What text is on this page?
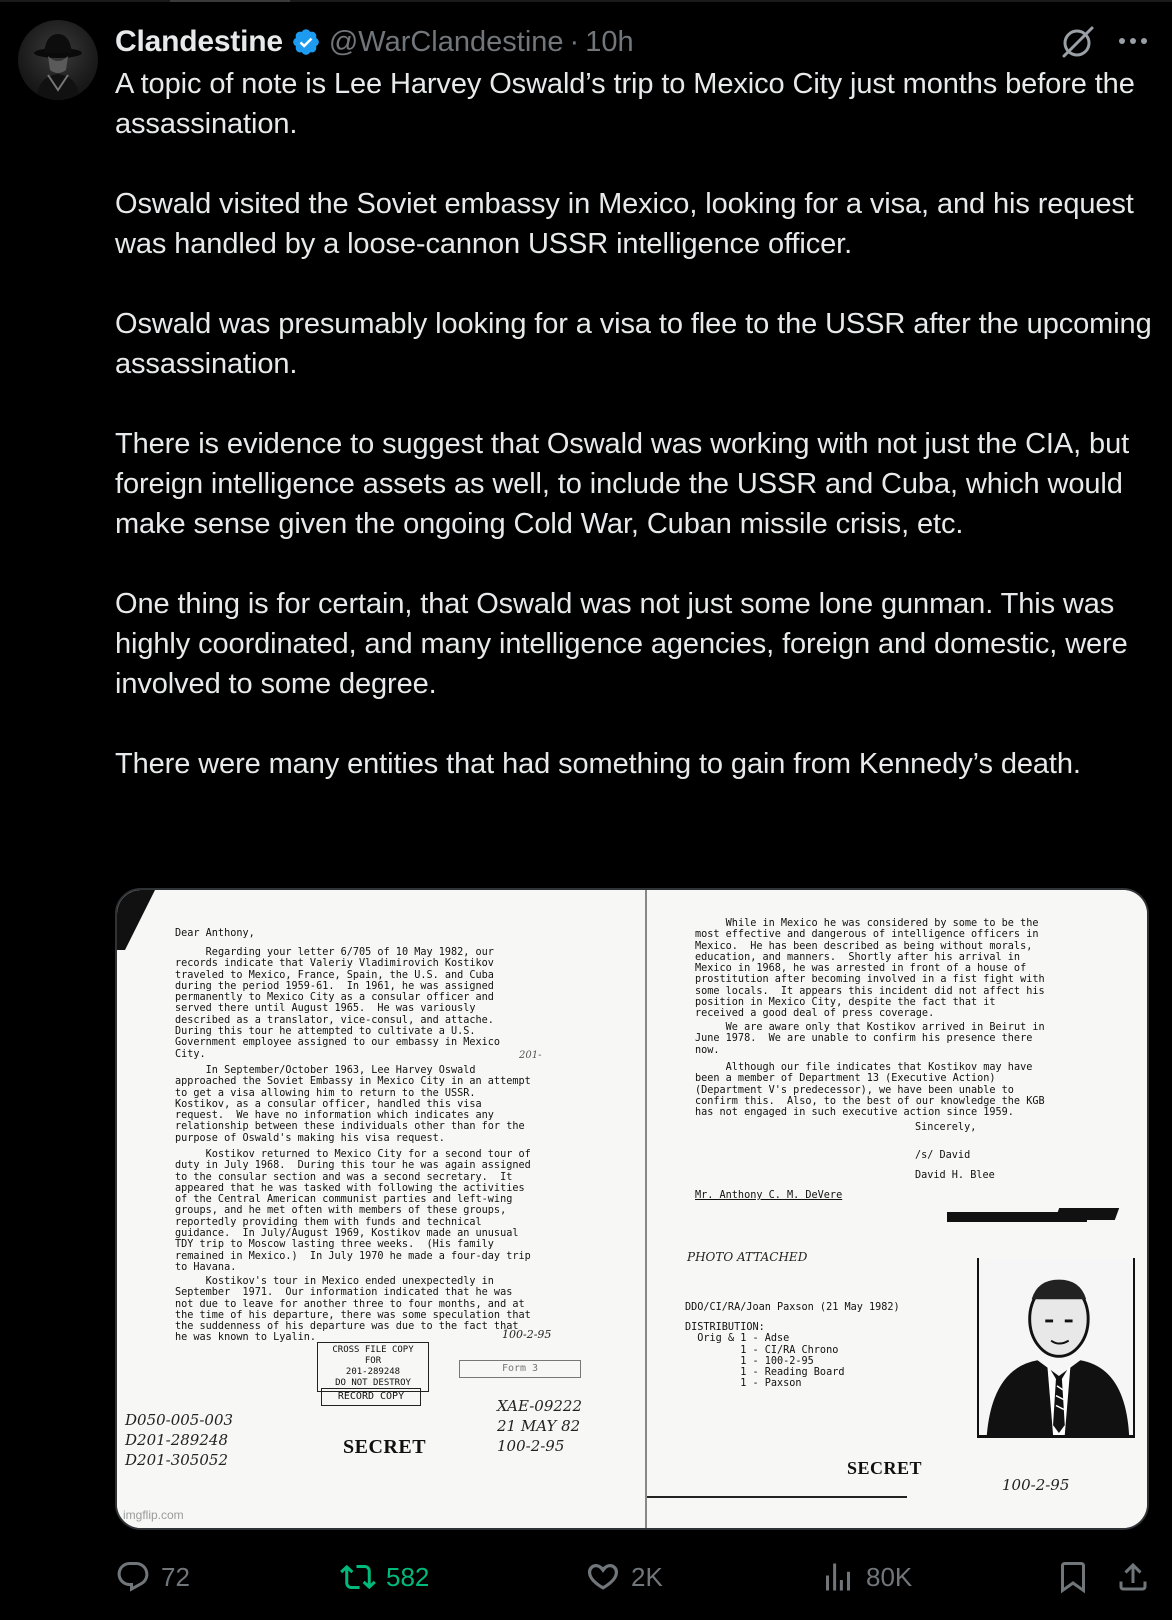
Clandestine @WarClandestine · 10h

A topic of note is Lee Harvey Oswald’s trip to Mexico City just months before the assassination.

Oswald visited the Soviet embassy in Mexico, looking for a visa, and his request was handled by a loose-cannon USSR intelligence officer.

Oswald was presumably looking for a visa to flee to the USSR after the upcoming assassination.

There is evidence to suggest that Oswald was working with not just the CIA, but foreign intelligence assets as well, to include the USSR and Cuba, which would make sense given the ongoing Cold War, Cuban missile crisis, etc.

One thing is for certain, that Oswald was not just some lone gunman. This was highly coordinated, and many intelligence agencies, foreign and domestic, were involved to some degree.

There were many entities that had something to gain from Kennedy’s death.

Dear Anthony,
Regarding your letter 6/705 of 10 May 1982, our
records indicate that Valeriy Vladimirovich Kostikov
traveled to Mexico, France, Spain, the U.S. and Cuba
during the period 1959-61.  In 1961, he was assigned
permanently to Mexico City as a consular officer and
served there until August 1965.  He was variously
described as a translator, vice-consul, and attache.
During this tour he attempted to cultivate a U.S.
Government employee assigned to our embassy in Mexico
City.
In September/October 1963, Lee Harvey Oswald
approached the Soviet Embassy in Mexico City in an attempt
to get a visa allowing him to return to the USSR.
Kostikov, as a consular officer, handled this visa
request.  We have no information which indicates any
relationship between these individuals other than for the
purpose of Oswald's making his visa request.
Kostikov returned to Mexico City for a second tour of
duty in July 1968.  During this tour he was again assigned
to the consular section and was a second secretary.  It
appeared that he was tasked with following the activities
of the Central American communist parties and left-wing
groups, and he met often with members of these groups,
reportedly providing them with funds and technical
guidance.  In July/August 1969, Kostikov made an unusual
TDY trip to Moscow lasting three weeks.  (His family
remained in Mexico.)  In July 1970 he made a four-day trip
to Havana.
Kostikov's tour in Mexico ended unexpectedly in
September  1971.  Our information indicated that he was
not due to leave for another three to four months, and at
the time of his departure, there was some speculation that
the suddenness of his departure was due to the fact that
he was known to Lyalin.
201-
100-2-95
CROSS FILE COPY FOR
201-289248
DO NOT DESTROY
RECORD COPY
Form 3
D050-005-003
D201-289248
D201-305052
XAE-09222
21 MAY 82
100-2-95
SECRET
imgflip.com
While in Mexico he was considered by some to be the
most effective and dangerous of intelligence officers in
Mexico.  He has been described as being without morals,
education, and manners.  Shortly after his arrival in
Mexico in 1968, he was arrested in front of a house of
prostitution after becoming involved in a fist fight with
some locals.  It appears this incident did not affect his
position in Mexico City, despite the fact that it
received a good deal of press coverage.
We are aware only that Kostikov arrived in Beirut in
June 1978.  We are unable to confirm his presence there
now.
Although our file indicates that Kostikov may have
been a member of Department 13 (Executive Action)
(Department V's predecessor), we have been unable to
confirm this.  Also, to the best of our knowledge the KGB
has not engaged in such executive action since 1959.
Sincerely,
/s/ David
David H. Blee
Mr. Anthony C. M. DeVere
PHOTO ATTACHED
DDO/CI/RA/Joan Paxson (21 May 1982)
DISTRIBUTION:
Orig & 1 - Adse
1 - CI/RA Chrono
1 - 100-2-95
1 - Reading Board
1 - Paxson
SECRET
100-2-95
72	582	2K	80K
